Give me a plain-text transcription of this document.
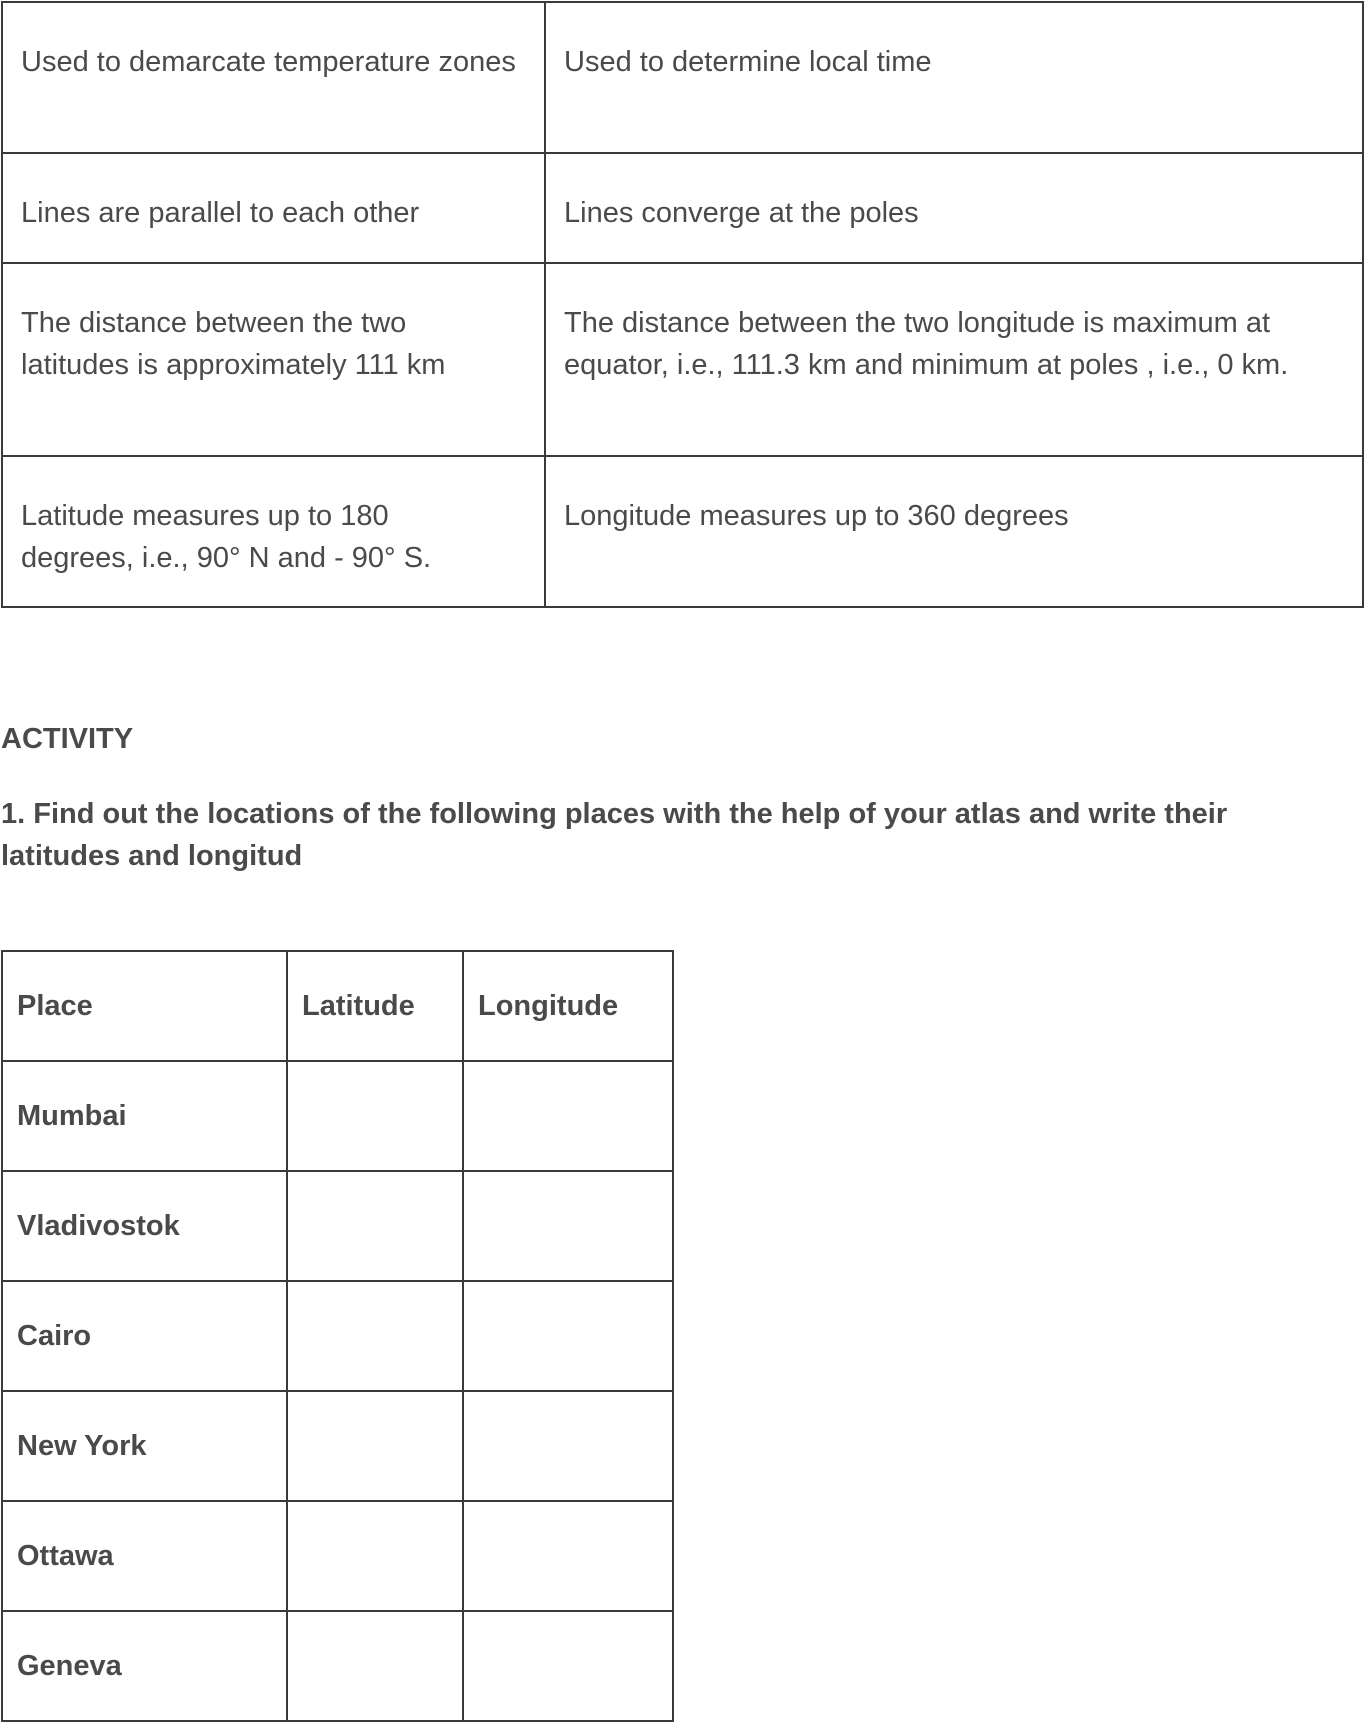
Used to demarcate temperature zones	Used to determine local time

Lines are parallel to each other	Lines converge at the poles

The distance between the two latitudes is approximately 111 km	The distance between the two longitude is maximum at equator, i.e., 111.3 km and minimum at poles , i.e., 0 km.

Latitude measures up to 180 degrees, i.e., 90° N and - 90° S.	Longitude measures up to 360 degrees
ACTIVITY

1. Find out the locations of the following places with the help of your atlas and write their latitudes and longitud

Place	Latitude	Longitude
Mumbai		
Vladivostok		
Cairo		
New York		
Ottawa		
Geneva		
